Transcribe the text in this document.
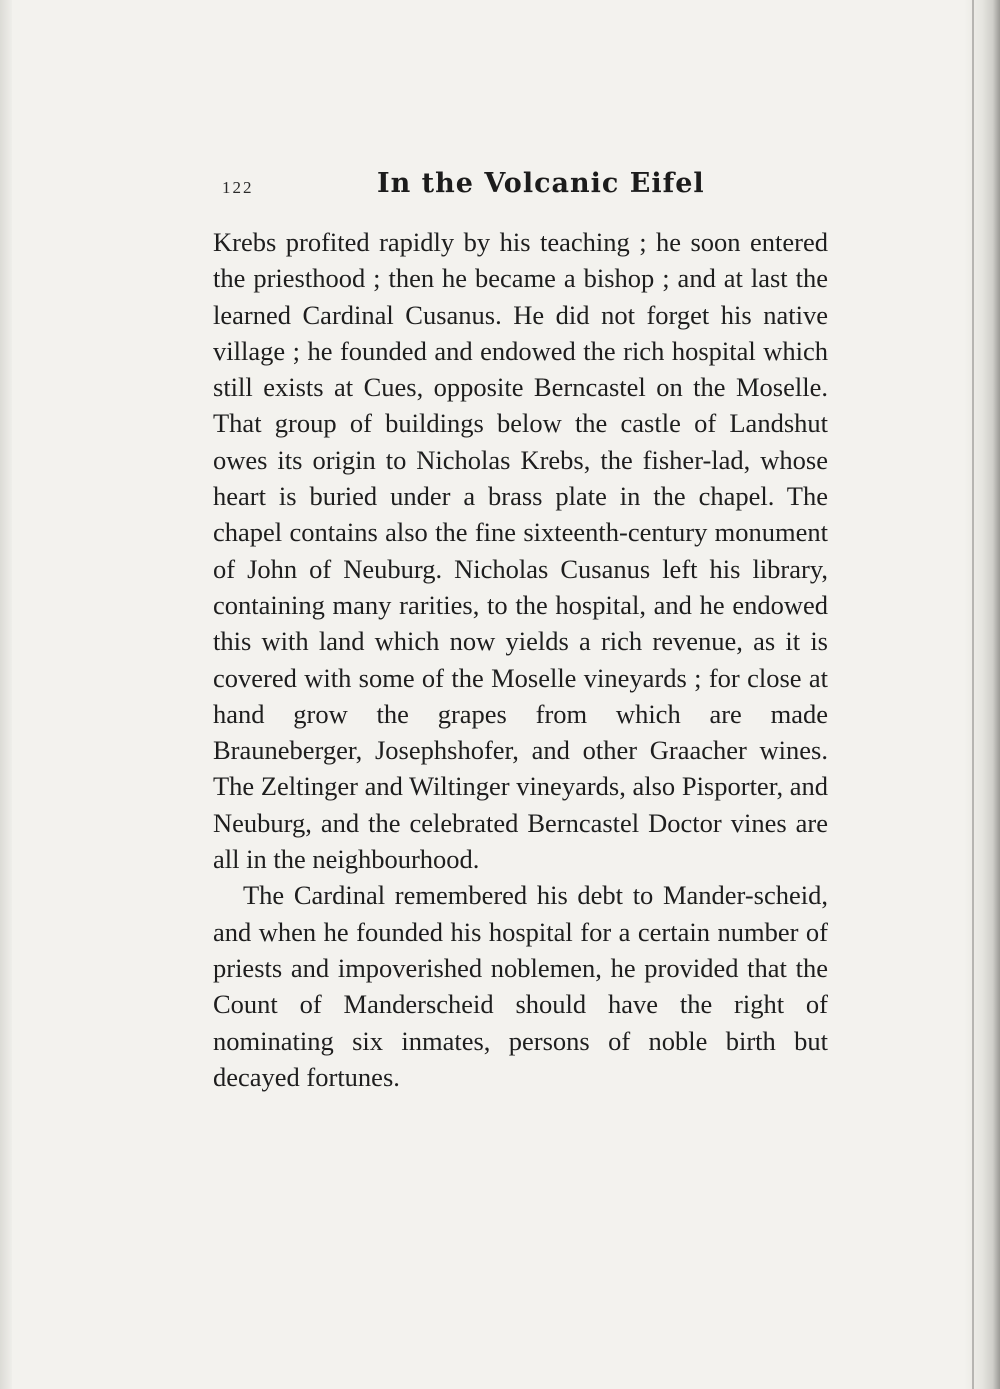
122	In the Volcanic Eifel

Krebs profited rapidly by his teaching ; he soon entered the priesthood ; then he became a bishop ; and at last the learned Cardinal Cusanus. He did not forget his native village ; he founded and endowed the rich hospital which still exists at Cues, opposite Berncastel on the Moselle. That group of buildings below the castle of Landshut owes its origin to Nicholas Krebs, the fisher-lad, whose heart is buried under a brass plate in the chapel. The chapel contains also the fine sixteenth-century monument of John of Neuburg. Nicholas Cusanus left his library, containing many rarities, to the hospital, and he endowed this with land which now yields a rich revenue, as it is covered with some of the Moselle vineyards ; for close at hand grow the grapes from which are made Brauneberger, Josephshofer, and other Graacher wines. The Zeltinger and Wiltinger vineyards, also Pisporter, and Neuburg, and the celebrated Berncastel Doctor vines are all in the neighbourhood.

The Cardinal remembered his debt to Mander-scheid, and when he founded his hospital for a certain number of priests and impoverished noblemen, he provided that the Count of Manderscheid should have the right of nominating six inmates, persons of noble birth but decayed fortunes.
